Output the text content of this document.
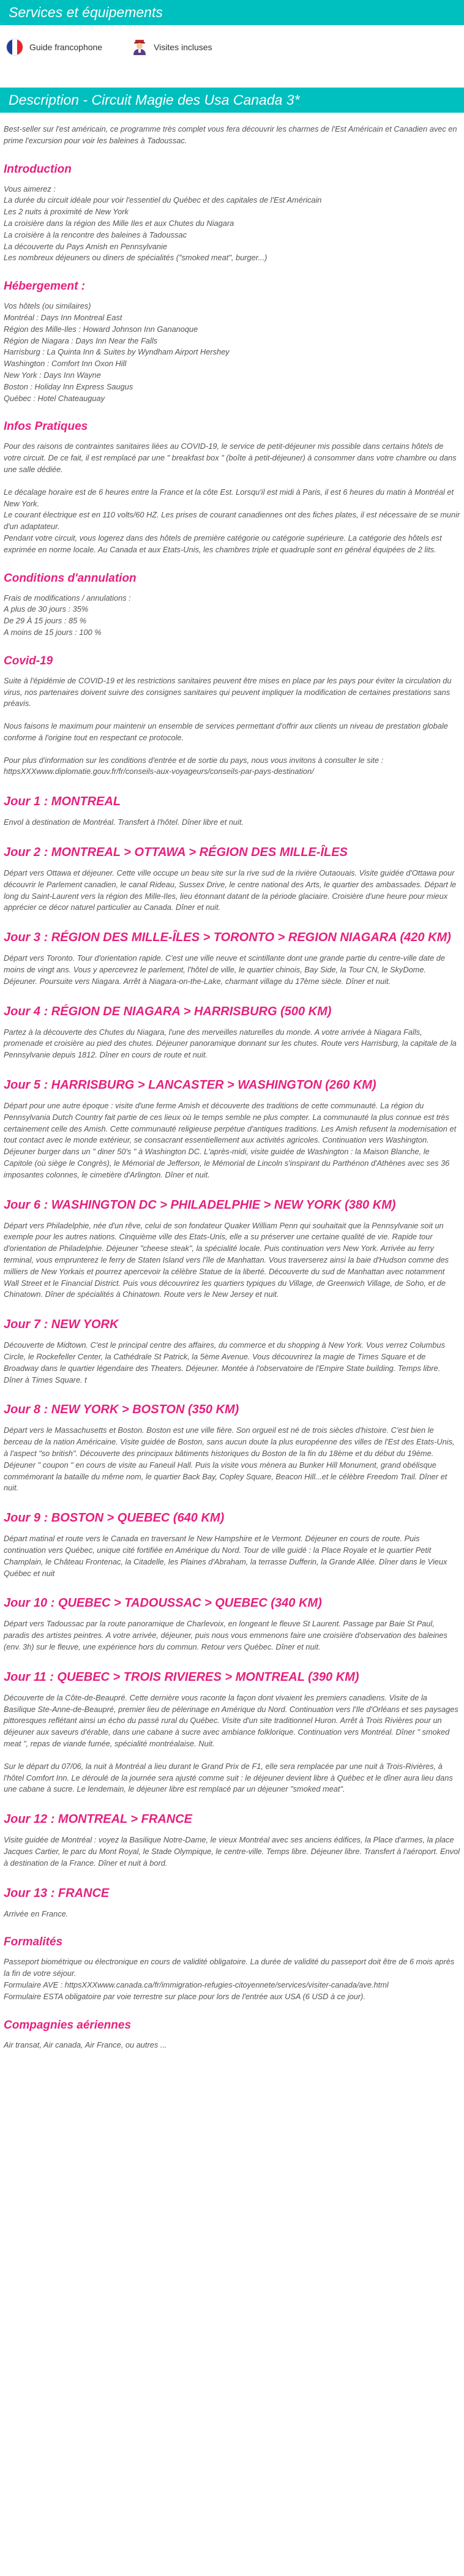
Services et équipements
Guide francophone	Visites incluses
Description - Circuit Magie des Usa Canada 3*

Best-seller sur l'est américain, ce programme très complet vous fera découvrir les charmes de l'Est Américain et Canadien avec en prime l'excursion pour voir les baleines à Tadoussac.

Introduction

Vous aimerez :

La durée du circuit idéale pour voir l'essentiel du Québec et des capitales de l'Est Américain

Les 2 nuits à proximité de New York

La croisière dans la région des Mille Iles et aux Chutes du Niagara

La croisière à la rencontre des baleines à Tadoussac

La découverte du Pays Amish en Pennsylvanie

Les nombreux déjeuners ou diners de spécialités ("smoked meat", burger...)

Hébergement :

Vos hôtels (ou similaires)

Montréal : Days Inn Montreal East

Région des Mille-Iles : Howard Johnson Inn Gananoque

Région de Niagara : Days Inn Near the Falls

Harrisburg : La Quinta Inn & Suites by Wyndham Airport Hershey

Washington : Comfort Inn Oxon Hill

New York : Days Inn Wayne

Boston : Holiday Inn Express Saugus

Québec : Hotel Chateauguay

Infos Pratiques

Pour des raisons de contraintes sanitaires liées au COVID-19, le service de petit-déjeuner mis possible dans certains hôtels de votre circuit. De ce fait, il est remplacé par une " breakfast box " (boîte à petit-déjeuner) à consommer dans votre chambre ou dans une salle dédiée.

Le décalage horaire est de 6 heures entre la France et la côte Est. Lorsqu'il est midi à Paris, il est 6 heures du matin à Montréal et New York.

Le courant électrique est en 110 volts/60 HZ. Les prises de courant canadiennes ont des fiches plates, il est nécessaire de se munir d'un adaptateur.

Pendant votre circuit, vous logerez dans des hôtels de première catégorie ou catégorie supérieure. La catégorie des hôtels est exprimée en norme locale. Au Canada et aux Etats-Unis, les chambres triple et quadruple sont en général équipées de 2 lits.

Conditions d'annulation

Frais de modifications / annulations :

A plus de 30 jours : 35%

De 29 À 15 jours : 85 %

A moins de 15 jours : 100 %

Covid-19

Suite à l'épidémie de COVID-19 et les restrictions sanitaires peuvent être mises en place par les pays pour éviter la circulation du virus, nos partenaires doivent suivre des consignes sanitaires qui peuvent impliquer la modification de certaines prestations sans préavis.

Nous faisons le maximum pour maintenir un ensemble de services permettant d'offrir aux clients un niveau de prestation globale conforme à l'origine tout en respectant ce protocole.

Pour plus d'information sur les conditions d'entrée et de sortie du pays, nous vous invitons à consulter le site :

httpsXXXwww.diplomatie.gouv.fr/fr/conseils-aux-voyageurs/conseils-par-pays-destination/

Jour 1 : MONTREAL

Envol à destination de Montréal. Transfert à l'hôtel. Dîner libre et nuit.

Jour 2 : MONTREAL > OTTAWA > RÉGION DES MILLE-ÎLES

Départ vers Ottawa et déjeuner. Cette ville occupe un beau site sur la rive sud de la rivière Outaouais. Visite guidée d'Ottawa pour découvrir le Parlement canadien, le canal Rideau, Sussex Drive, le centre national des Arts, le quartier des ambassades. Départ le long du Saint-Laurent vers la région des Mille-Iles, lieu étonnant datant de la période glaciaire. Croisière d'une heure pour mieux apprécier ce décor naturel particulier au Canada. Dîner et nuit.

Jour 3 : RÉGION DES MILLE-ÎLES > TORONTO > REGION NIAGARA (420 KM)

Départ vers Toronto. Tour d'orientation rapide. C'est une ville neuve et scintillante dont une grande partie du centre-ville date de moins de vingt ans. Vous y apercevrez le parlement, l'hôtel de ville, le quartier chinois, Bay Side, la Tour CN, le SkyDome. Déjeuner. Poursuite vers Niagara. Arrêt à Niagara-on-the-Lake, charmant village du 17ème siècle. Dîner et nuit.

Jour 4 : RÉGION DE NIAGARA > HARRISBURG (500 KM)

Partez à la découverte des Chutes du Niagara, l'une des merveilles naturelles du monde. A votre arrivée à Niagara Falls, promenade et croisière au pied des chutes. Déjeuner panoramique donnant sur les chutes. Route vers Harrisburg, la capitale de la Pennsylvanie depuis 1812. Dîner en cours de route et nuit.

Jour 5 : HARRISBURG > LANCASTER > WASHINGTON (260 KM)

Départ pour une autre époque : visite d'une ferme Amish et découverte des traditions de cette communauté. La région du Pennsylvania Dutch Country fait partie de ces lieux où le temps semble ne plus compter. La communauté la plus connue est très certainement celle des Amish. Cette communauté religieuse perpétue d'antiques traditions. Les Amish refusent la modernisation et tout contact avec le monde extérieur, se consacrant essentiellement aux activités agricoles. Continuation vers Washington. Déjeuner burger dans un " diner 50's " à Washington DC. L'après-midi, visite guidée de Washington : la Maison Blanche, le Capitole (où siège le Congrès), le Mémorial de Jefferson, le Mémorial de Lincoln s'inspirant du Parthénon d'Athènes avec ses 36 imposantes colonnes, le cimetière d'Arlington. Dîner et nuit.

Jour 6 : WASHINGTON DC > PHILADELPHIE > NEW YORK (380 KM)

Départ vers Philadelphie, née d'un rêve, celui de son fondateur Quaker William Penn qui souhaitait que la Pennsylvanie soit un exemple pour les autres nations. Cinquième ville des Etats-Unis, elle a su préserver une certaine qualité de vie. Rapide tour d'orientation de Philadelphie. Déjeuner "cheese steak", la spécialité locale. Puis continuation vers New York. Arrivée au ferry terminal, vous emprunterez le ferry de Staten Island vers l'île de Manhattan. Vous traverserez ainsi la baie d'Hudson comme des milliers de New Yorkais et pourrez apercevoir la célèbre Statue de la liberté. Découverte du sud de Manhattan avec notamment Wall Street et le Financial District. Puis vous découvrirez les quartiers typiques du Village, de Greenwich Village, de Soho, et de Chinatown. Dîner de spécialités à Chinatown. Route vers le New Jersey et nuit.

Jour 7 : NEW YORK

Découverte de Midtown. C'est le principal centre des affaires, du commerce et du shopping à New York. Vous verrez Columbus Circle, le Rockefeller Center, la Cathédrale St Patrick, la 5ème Avenue. Vous découvrirez la magie de Times Square et de Broadway dans le quartier légendaire des Theaters. Déjeuner. Montée à l'observatoire de l'Empire State building. Temps libre. Dîner à Times Square. t

Jour 8 : NEW YORK > BOSTON (350 KM)

Départ vers le Massachusetts et Boston. Boston est une ville fière. Son orgueil est né de trois siècles d'histoire. C'est bien le berceau de la nation Américaine. Visite guidée de Boston, sans aucun doute la plus européenne des villes de l'Est des Etats-Unis, à l'aspect "so british". Découverte des principaux bâtiments historiques du Boston de la fin du 18ème et du début du 19ème. Déjeuner " coupon " en cours de visite au Faneuil Hall. Puis la visite vous mènera au Bunker Hill Monument, grand obélisque commémorant la bataille du même nom, le quartier Back Bay, Copley Square, Beacon Hill...et le célèbre Freedom Trail. Dîner et nuit.

Jour 9 : BOSTON > QUEBEC (640 KM)

Départ matinal et route vers le Canada en traversant le New Hampshire et le Vermont. Déjeuner en cours de route. Puis continuation vers Québec, unique cité fortifiée en Amérique du Nord. Tour de ville guidé : la Place Royale et le quartier Petit Champlain, le Château Frontenac, la Citadelle, les Plaines d'Abraham, la terrasse Dufferin, la Grande Allée. Dîner dans le Vieux Québec et nuit

Jour 10 : QUEBEC > TADOUSSAC > QUEBEC (340 KM)

Départ vers Tadoussac par la route panoramique de Charlevoix, en longeant le fleuve St Laurent. Passage par Baie St Paul, paradis des artistes peintres. A votre arrivée, déjeuner, puis nous vous emmenons faire une croisière d'observation des baleines (env. 3h) sur le fleuve, une expérience hors du commun. Retour vers Québec. Dîner et nuit.

Jour 11 : QUEBEC > TROIS RIVIERES > MONTREAL (390 KM)

Découverte de la Côte-de-Beaupré. Cette dernière vous raconte la façon dont vivaient les premiers canadiens. Visite de la Basilique Ste-Anne-de-Beaupré, premier lieu de pèlerinage en Amérique du Nord. Continuation vers l'Ile d'Orléans et ses paysages pittoresques reflétant ainsi un écho du passé rural du Québec. Visite d'un site traditionnel Huron. Arrêt à Trois Rivières pour un déjeuner aux saveurs d'érable, dans une cabane à sucre avec ambiance folklorique. Continuation vers Montréal. Dîner " smoked meat ", repas de viande fumée, spécialité montréalaise. Nuit.

Sur le départ du 07/06, la nuit à Montréal a lieu durant le Grand Prix de F1, elle sera remplacée par une nuit à Trois-Rivières, à l'hôtel Comfort Inn. Le déroulé de la journée sera ajusté comme suit : le déjeuner devient libre à Québec et le dîner aura lieu dans une cabane à sucre. Le lendemain, le déjeuner libre est remplacé par un déjeuner "smoked meat".

Jour 12 : MONTREAL > FRANCE

Visite guidée de Montréal : voyez la Basilique Notre-Dame, le vieux Montréal avec ses anciens édifices, la Place d'armes, la place Jacques Cartier, le parc du Mont Royal, le Stade Olympique, le centre-ville. Temps libre. Déjeuner libre. Transfert à l'aéroport. Envol à destination de la France. Dîner et nuit à bord.

Jour 13 : FRANCE

Arrivée en France.

Formalités

Passeport biométrique ou électronique en cours de validité obligatoire. La durée de validité du passeport doit être de 6 mois après la fin de votre séjour.

Formulaire AVE : httpsXXXwww.canada.ca/fr/immigration-refugies-citoyennete/services/visiter-canada/ave.html

Formulaire ESTA obligatoire par voie terrestre sur place pour lors de l'entrée aux USA (6 USD à ce jour).

Compagnies aériennes

Air transat, Air canada, Air France, ou autres ...
